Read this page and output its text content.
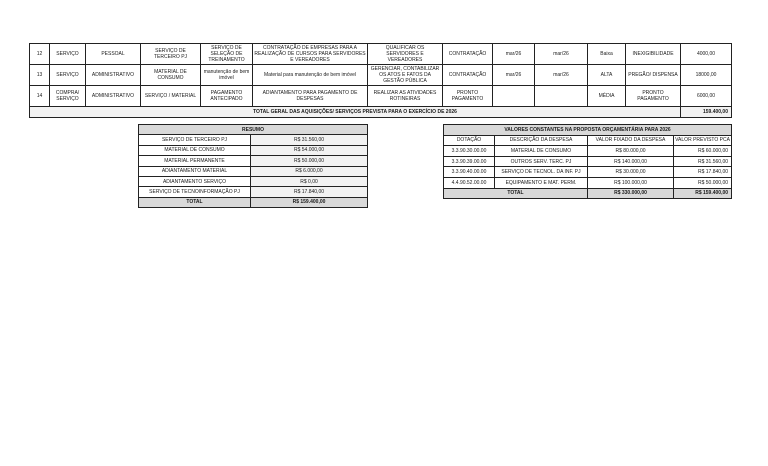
12	SERVIÇO	PESSOAL	SERVIÇO DE TERCEIRO PJ	SERVIÇO DE SELEÇÃO DE TREINAMENTO	CONTRATAÇÃO DE EMPRESAS PARA A REALIZAÇÃO DE CURSOS PARA SERVIDORES E VEREADORES	QUALIFICAR OS SERVIDORES E VEREADORES	CONTRATAÇÃO	mar/26	mar/26	Baixa	INEXIGIBILIDADE	4000,00
13	SERVIÇO	ADMINISTRATIVO	MATERIAL DE CONSUMO	manutenção de bem imóvel	Material para manutenção de bem imóvel	GERENCIAR, CONTABILIZAR OS ATOS E FATOS DA GESTÃO PÚBLICA	CONTRATAÇÃO	mar/26	mar/26	ALTA	PREGÃO/ DISPENSA	18000,00
14	COMPRA/ SERVIÇO	ADMINISTRATIVO	SERVIÇO / MATERIAL	PAGAMENTO ANTECIPADO	ADIANTAMENTO PARA PAGAMENTO DE DESPESAS	REALIZAR AS ATIVIDADES ROTINEIRAS	PRONTO PAGAMENTO			MÉDIA	PRONTO PAGAMENTO	6000,00
TOTAL GERAL DAS AQUISIÇÕES/ SERVIÇOS PREVISTA PARA O EXERCÍCIO DE 2026												159.400,00
RESUMO	
SERVIÇO DE TERCEIRO PJ	R$ 31.560,00
MATERIAL DE CONSUMO	R$ 54.000,00
MATERIAL PERMANENTE	R$ 50.000,00
ADIANTAMENTO MATERIAL	R$ 6.000,00
ADIANTAMENTO SERVIÇO	R$ 0,00
SERVIÇO DE TECNOINFORMAÇÃO PJ	R$ 17.840,00
TOTAL	R$ 159.400,00
VALORES CONSTANTES NA PROPOSTA ORÇAMENTÁRIA PARA 2026			
DOTAÇÃO	DESCRIÇÃO DA DESPESA	VALOR FIXADO DA DESPESA	VALOR PREVISTO PCA
3.3.90.30.00.00	MATERIAL DE CONSUMO	R$ 80.000,00	R$ 60.000,00
3.3.90.39.00.00	OUTROS SERV. TERC. PJ	R$ 140.000,00	R$ 31.560,00
3.3.90.40.00.00	SERVIÇO DE TECNOL. DA INF. PJ	R$ 30.000,00	R$ 17.840,00
4.4.90.52.00.00	EQUIPAMENTO E MAT. PERM.	R$ 100.000,00	R$ 50.000,00
TOTAL		R$ 330.000,00	R$ 159.400,00
